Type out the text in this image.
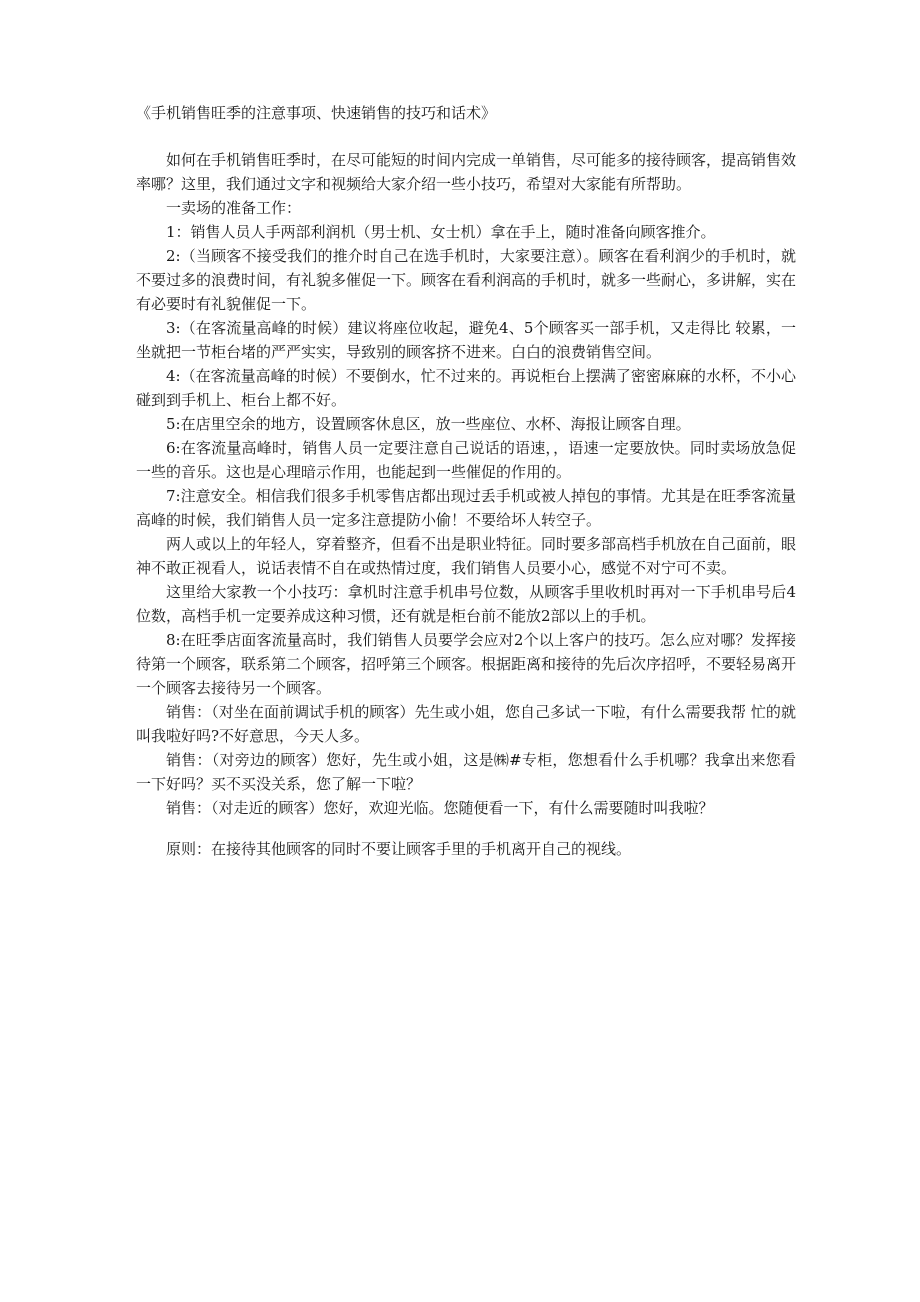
《手机销售旺季的注意事项、快速销售的技巧和话术》

如何在手机销售旺季时，在尽可能短的时间内完成一单销售，尽可能多的接待顾客，提高销售效率哪？这里，我们通过文字和视频给大家介绍一些小技巧，希望对大家能有所帮助。

一卖场的准备工作：

1：销售人员人手两部利润机（男士机、女士机）拿在手上，随时准备向顾客推介。

2:（当顾客不接受我们的推介时自己在选手机时，大家要注意）。顾客在看利润少的手机时，就不要过多的浪费时间，有礼貌多催促一下。顾客在看利润高的手机时，就多一些耐心，多讲解，实在有必要时有礼貌催促一下。

3:（在客流量高峰的时候）建议将座位收起，避免4、5个顾客买一部手机，又走得比 较累，一坐就把一节柜台堵的严严实实，导致别的顾客挤不进来。白白的浪费销售空间。

4:（在客流量高峰的时候）不要倒水，忙不过来的。再说柜台上摆满了密密麻麻的水杯，不小心碰到到手机上、柜台上都不好。

5:在店里空余的地方，设置顾客休息区，放一些座位、水杯、海报让顾客自理。

6:在客流量高峰时，销售人员一定要注意自己说话的语速，，语速一定要放快。同时卖场放急促一些的音乐。这也是心理暗示作用，也能起到一些催促的作用的。

7:注意安全。相信我们很多手机零售店都出现过丢手机或被人掉包的事情。尤其是在旺季客流量高峰的时候，我们销售人员一定多注意提防小偷！不要给坏人转空子。

两人或以上的年轻人，穿着整齐，但看不出是职业特征。同时要多部高档手机放在自己面前，眼神不敢正视看人，说话表情不自在或热情过度，我们销售人员要小心，感觉不对宁可不卖。

这里给大家教一个小技巧：拿机时注意手机串号位数，从顾客手里收机时再对一下手机串号后4位数，高档手机一定要养成这种习惯，还有就是柜台前不能放2部以上的手机。

8:在旺季店面客流量高时，我们销售人员要学会应对2个以上客户的技巧。怎么应对哪？发挥接待第一个顾客，联系第二个顾客，招呼第三个顾客。根据距离和接待的先后次序招呼，不要轻易离开一个顾客去接待另一个顾客。

销售：（对坐在面前调试手机的顾客）先生或小姐，您自己多试一下啦，有什么需要我帮 忙的就叫我啦好吗?不好意思，今天人多。

销售：（对旁边的顾客）您好，先生或小姐，这是㈱#专柜，您想看什么手机哪？我拿出来您看一下好吗？买不买没关系，您了解一下啦？

销售：（对走近的顾客）您好，欢迎光临。您随便看一下，有什么需要随时叫我啦？

原则：在接待其他顾客的同时不要让顾客手里的手机离开自己的视线。
